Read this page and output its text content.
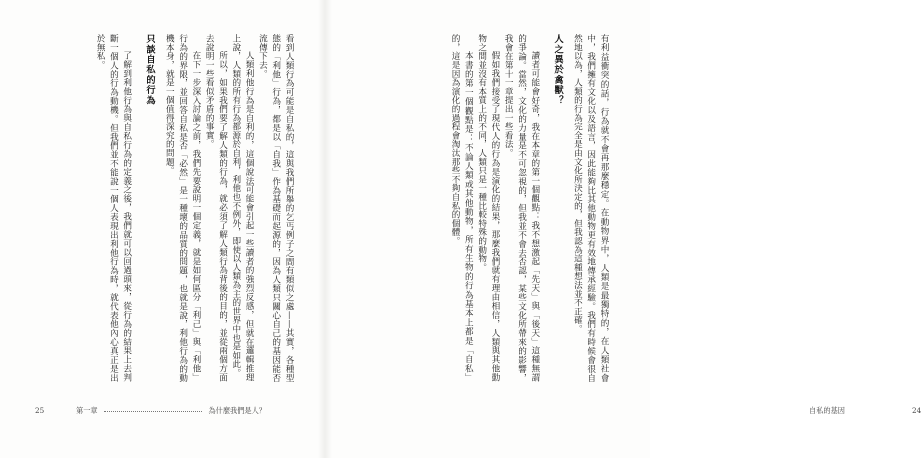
看到人類行為可能是自私的，這與我們所舉的乞丐例子之間有類似之處——其實，各種型態的「利他」行為，都是以「自我」作為基礎而起源的，因為人類只關心自己的基因能否流傳下去。

人類利他行為是自利的，這個說法可能會引起一些讀者的強烈反感，但就在邏輯推理上說，人類的所有行為都源於自利，利他也不例外，即使以人類為主的世界中也是如此。

所以，如果我們要了解人類的行為，就必須了解人類行為背後的目的，並從兩個方面去說明一些看似矛盾的事實。

在下一步深入討論之前，我們先要說明一個定義，就是如何區分「利己」與「利他」行為的界限，並回答自私是否「必然」是一種壞的品質的問題，也就是說，利他行為的動機本身，就是一個值得深究的問題。

只談自私的行為

了解到利他行為與自私行為的定義之後，我們就可以回過頭來，從行為的結果上去判斷一個人的行為動機。但我們並不能說一個人表現出利他行為時，就代表他內心真正是出於無私。

25	第一章	為什麼我們是人？

有利益衝突的話，行為就不會再那麼穩定。在動物界中，人類是最獨特的，在人類社會中，我們擁有文化以及語言，因此能夠比其他動物更有效地傳承經驗。我們有時候會很自然地以為，人類的行為完全是由文化所決定的，但我認為這種想法並不正確。

人之異於禽獸？

讀者可能會好奇，我在本章的第一個觀點：我不想激起「先天」與「後天」這種無謂的爭論。當然，文化的力量是不可忽視的，但我並不會去否認，某些文化所帶來的影響，我會在第十一章提出一些看法。

假如我們接受了現代人的行為是演化的結果，那麼我們就有理由相信，人類與其他動物之間並沒有本質上的不同，人類只是一種比較特殊的動物。

本書的第一個觀點是：不論人類或其他動物，所有生物的行為基本上都是「自私」的，這是因為演化的過程會淘汰那些不夠自私的個體。

自私的基因	24
